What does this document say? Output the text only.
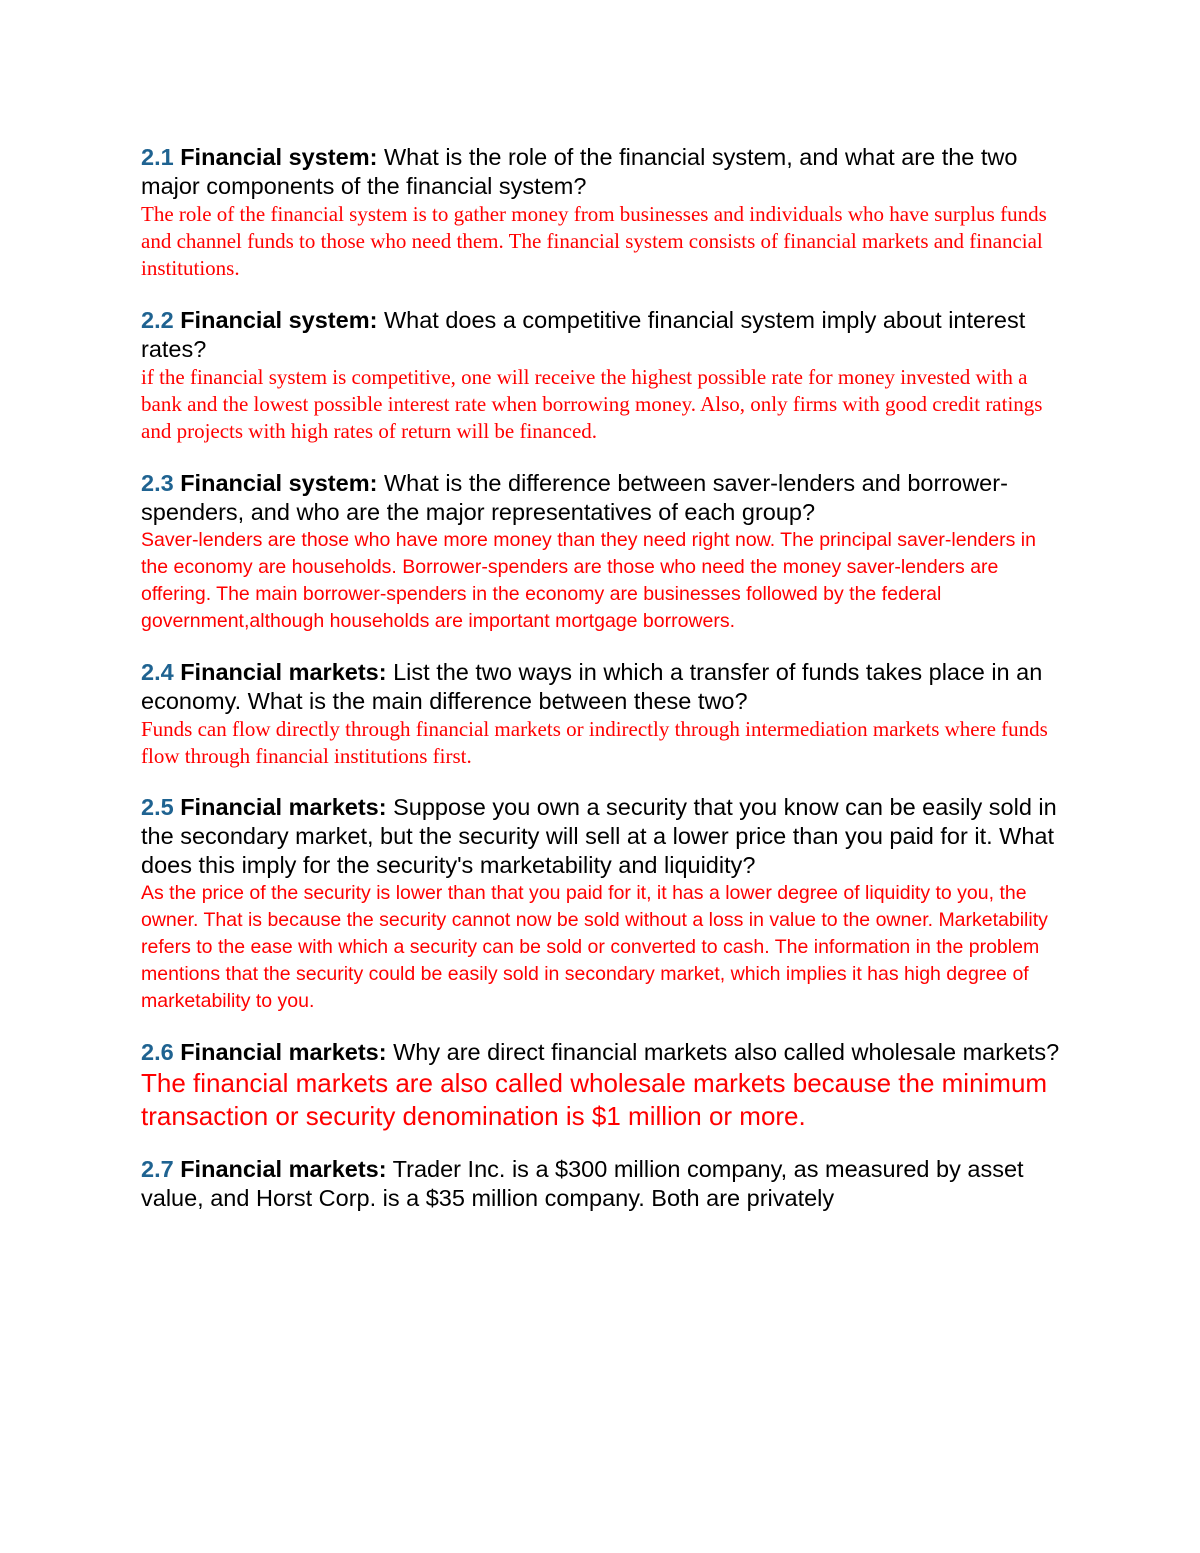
2.1 Financial system: What is the role of the financial system, and what are the two major components of the financial system?

The role of the financial system is to gather money from businesses and individuals who have surplus funds and channel funds to those who need them. The financial system consists of financial markets and financial institutions.

2.2 Financial system: What does a competitive financial system imply about interest rates?

if the financial system is competitive, one will receive the highest possible rate for money invested with a bank and the lowest possible interest rate when borrowing money. Also, only firms with good credit ratings and projects with high rates of return will be financed.

2.3 Financial system: What is the difference between saver-lenders and borrower-spenders, and who are the major representatives of each group?

Saver-lenders are those who have more money than they need right now. The principal saver-lenders in the economy are households. Borrower-spenders are those who need the money saver-lenders are offering. The main borrower-spenders in the economy are businesses followed by the federal government,although households are important mortgage borrowers.

2.4 Financial markets: List the two ways in which a transfer of funds takes place in an economy. What is the main difference between these two?

Funds can flow directly through financial markets or indirectly through intermediation markets where funds flow through financial institutions first.

2.5 Financial markets: Suppose you own a security that you know can be easily sold in the secondary market, but the security will sell at a lower price than you paid for it. What does this imply for the security's marketability and liquidity?

As the price of the security is lower than that you paid for it, it has a lower degree of liquidity to you, the owner. That is because the security cannot now be sold without a loss in value to the owner. Marketability refers to the ease with which a security can be sold or converted to cash. The information in the problem mentions that the security could be easily sold in secondary market, which implies it has high degree of marketability to you.

2.6 Financial markets: Why are direct financial markets also called wholesale markets?

The financial markets are also called wholesale markets because the minimum transaction or security denomination is $1 million or more.

2.7 Financial markets: Trader Inc. is a $300 million company, as measured by asset value, and Horst Corp. is a $35 million company. Both are privately
